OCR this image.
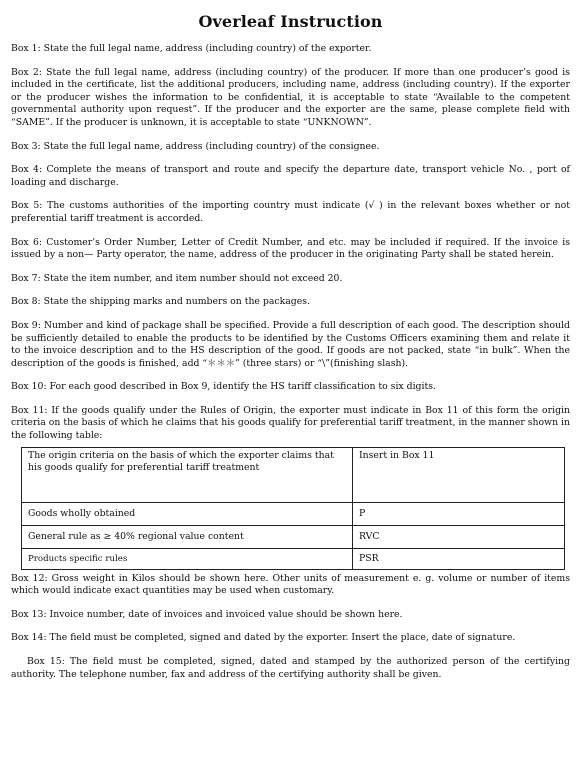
Overleaf Instruction

Box 1: State the full legal name, address (including country) of the exporter.

Box 2: State the full legal name, address (including country) of the producer. If more than one producer’s good is included in the certificate, list the additional producers, including name, address (including country). If the exporter or the producer wishes the information to be confidential, it is acceptable to state “Available to the competent governmental authority upon request”. If the producer and the exporter are the same, please complete field with “SAME”. If the producer is unknown, it is acceptable to state “UNKNOWN”.

Box 3: State the full legal name, address (including country) of the consignee.

Box 4: Complete the means of transport and route and specify the departure date, transport vehicle No. , port of loading and discharge.

Box 5: The customs authorities of the importing country must indicate (√ ) in the relevant boxes whether or not preferential tariff treatment is accorded.

Box 6: Customer’s Order Number, Letter of Credit Number, and etc. may be included if required. If the invoice is issued by a non— Party operator, the name, address of the producer in the originating Party shall be stated herein.

Box 7: State the item number, and item number should not exceed 20.

Box 8: State the shipping marks and numbers on the packages.

Box 9: Number and kind of package shall be specified. Provide a full description of each good. The description should be sufficiently detailed to enable the products to be identified by the Customs Officers examining them and relate it to the invoice description and to the HS description of the good. If goods are not packed, state “in bulk”. When the description of the goods is finished, add “＊＊＊” (three stars) or “\”(finishing slash).

Box 10: For each good described in Box 9, identify the HS tariff classification to six digits.

Box 11: If the goods qualify under the Rules of Origin, the exporter must indicate in Box 11 of this form the origin criteria on the basis of which he claims that his goods qualify for preferential tariff treatment, in the manner shown in the following table:

The origin criteria on the basis of which the exporter claims that his goods qualify for preferential tariff treatment	Insert in Box 11
Goods wholly obtained	P
General rule as ≥ 40% regional value content	RVC
Products specific rules	PSR

Box 12: Gross weight in Kilos should be shown here. Other units of measurement e. g. volume or number of items which would indicate exact quantities may be used when customary.

Box 13: Invoice number, date of invoices and invoiced value should be shown here.

Box 14: The field must be completed, signed and dated by the exporter. Insert the place, date of signature.

Box 15: The field must be completed, signed, dated and stamped by the authorized person of the certifying authority. The telephone number, fax and address of the certifying authority shall be given.
